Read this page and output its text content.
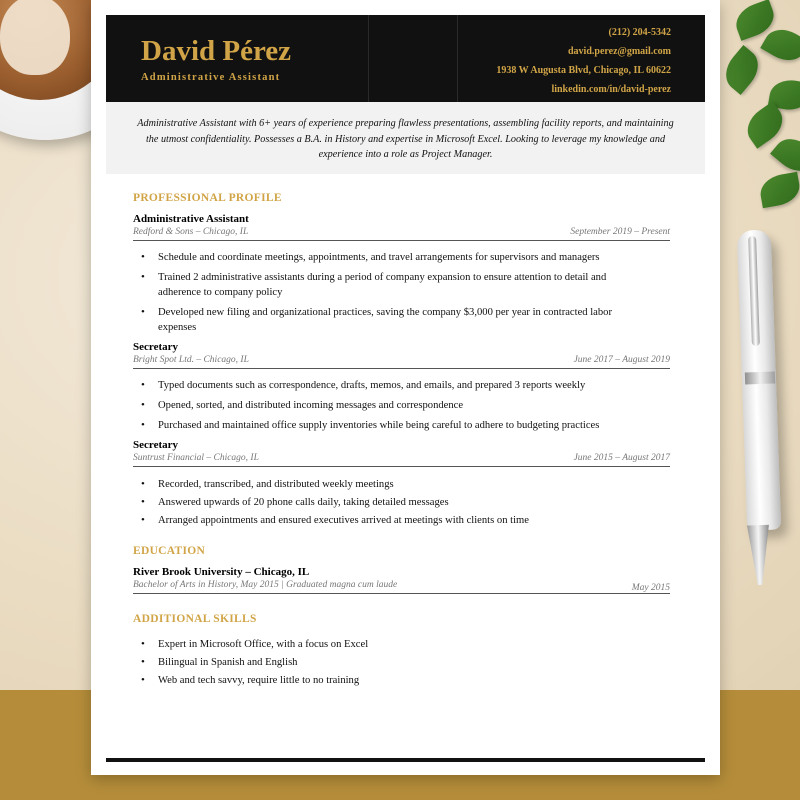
David Pérez
Administrative Assistant
(212) 204-5342
david.perez@gmail.com
1938 W Augusta Blvd, Chicago, IL 60622
linkedin.com/in/david-perez
Administrative Assistant with 6+ years of experience preparing flawless presentations, assembling facility reports, and maintaining the utmost confidentiality. Possesses a B.A. in History and expertise in Microsoft Excel. Looking to leverage my knowledge and experience into a role as Project Manager.
PROFESSIONAL PROFILE
Administrative Assistant
Redford & Sons – Chicago, IL	September 2019 – Present
• Schedule and coordinate meetings, appointments, and travel arrangements for supervisors and managers
• Trained 2 administrative assistants during a period of company expansion to ensure attention to detail and adherence to company policy
• Developed new filing and organizational practices, saving the company $3,000 per year in contracted labor expenses
Secretary
Bright Spot Ltd. – Chicago, IL	June 2017 – August 2019
• Typed documents such as correspondence, drafts, memos, and emails, and prepared 3 reports weekly
• Opened, sorted, and distributed incoming messages and correspondence
• Purchased and maintained office supply inventories while being careful to adhere to budgeting practices
Secretary
Suntrust Financial – Chicago, IL	June 2015 – August 2017
• Recorded, transcribed, and distributed weekly meetings
• Answered upwards of 20 phone calls daily, taking detailed messages
• Arranged appointments and ensured executives arrived at meetings with clients on time
EDUCATION
River Brook University – Chicago, IL
Bachelor of Arts in History, May 2015 | Graduated magna cum laude	May 2015
ADDITIONAL SKILLS
• Expert in Microsoft Office, with a focus on Excel
• Bilingual in Spanish and English
• Web and tech savvy, require little to no training
